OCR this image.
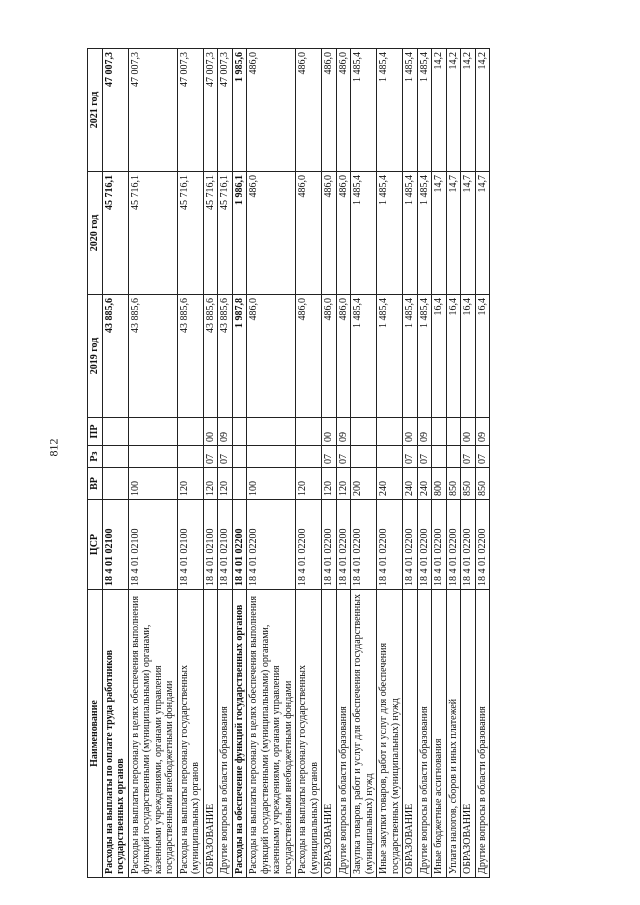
812
Наименование	ЦСР	ВР	Рз	ПР	2019 год	2020 год	2021 год
Расходы на выплаты по оплате труда работников государственных органов	18 4 01 02100				43 885,6	45 716,1	47 007,3
Расходы на выплаты персоналу в целях обеспечения выполнения функций государственными (муниципальными) органами, казенными учреждениями, органами управления государственными внебюджетными фондами	18 4 01 02100	100			43 885,6	45 716,1	47 007,3
Расходы на выплаты персоналу государственных (муниципальных) органов	18 4 01 02100	120			43 885,6	45 716,1	47 007,3
ОБРАЗОВАНИЕ	18 4 01 02100	120	07	00	43 885,6	45 716,1	47 007,3
Другие вопросы в области образования	18 4 01 02100	120	07	09	43 885,6	45 716,1	47 007,3
Расходы на обеспечение функций государственных органов	18 4 01 02200				1 987,8	1 986,1	1 985,6
Расходы на выплаты персоналу в целях обеспечения выполнения функций государственными (муниципальными) органами, казенными учреждениями, органами управления государственными внебюджетными фондами	18 4 01 02200	100			486,0	486,0	486,0
Расходы на выплаты персоналу государственных (муниципальных) органов	18 4 01 02200	120			486,0	486,0	486,0
ОБРАЗОВАНИЕ	18 4 01 02200	120	07	00	486,0	486,0	486,0
Другие вопросы в области образования	18 4 01 02200	120	07	09	486,0	486,0	486,0
Закупка товаров, работ и услуг для обеспечения государственных (муниципальных) нужд	18 4 01 02200	200			1 485,4	1 485,4	1 485,4
Иные закупки товаров, работ и услуг для обеспечения государственных (муниципальных) нужд	18 4 01 02200	240			1 485,4	1 485,4	1 485,4
ОБРАЗОВАНИЕ	18 4 01 02200	240	07	00	1 485,4	1 485,4	1 485,4
Другие вопросы в области образования	18 4 01 02200	240	07	09	1 485,4	1 485,4	1 485,4
Иные бюджетные ассигнования	18 4 01 02200	800			16,4	14,7	14,2
Уплата налогов, сборов и иных платежей	18 4 01 02200	850			16,4	14,7	14,2
ОБРАЗОВАНИЕ	18 4 01 02200	850	07	00	16,4	14,7	14,2
Другие вопросы в области образования	18 4 01 02200	850	07	09	16,4	14,7	14,2
